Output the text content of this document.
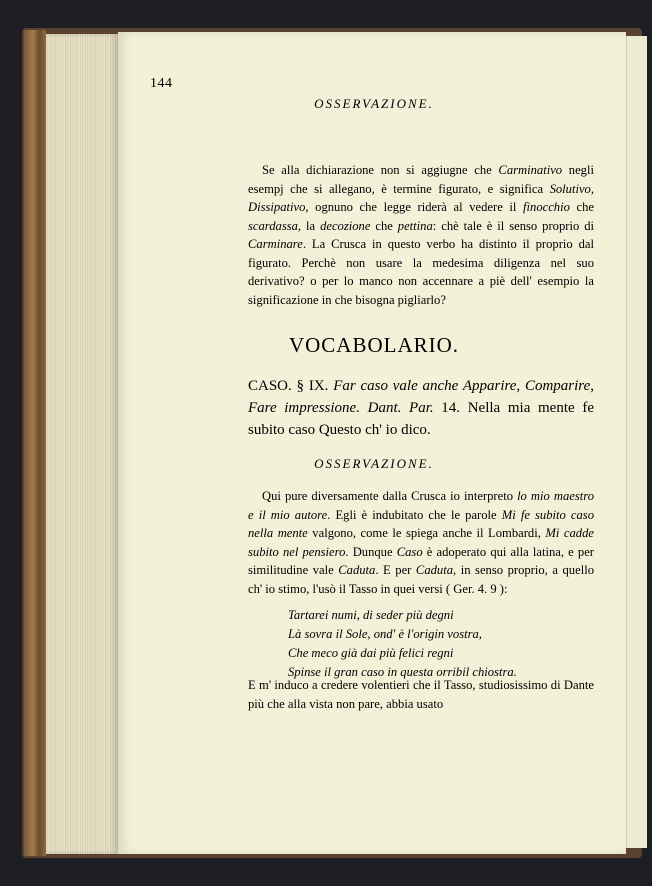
144
OSSERVAZIONE.

Se alla dichiarazione non si aggiugne che Carminativo negli esempj che si allegano, è termine figurato, e significa Solutivo, Dissipativo, ognuno che legge riderà al vedere il finocchio che scardassa, la decozione che pettina: chè tale è il senso proprio di Carminare. La Crusca in questo verbo ha distinto il proprio dal figurato. Perchè non usare la medesima diligenza nel suo derivativo? o per lo manco non accennare a piè dell' esempio la significazione in che bisogna pigliarlo?

VOCABOLARIO.
CASO. § IX. Far caso vale anche Apparire, Comparire, Fare impressione. Dant. Par. 14. Nella mia mente fe subito caso Questo ch' io dico.
OSSERVAZIONE.

Qui pure diversamente dalla Crusca io interpreto lo mio maestro e il mio autore. Egli è indubitato che le parole Mi fe subito caso nella mente valgono, come le spiega anche il Lombardi, Mi cadde subito nel pensiero. Dunque Caso è adoperato qui alla latina, e per similitudine vale Caduta. E per Caduta, in senso proprio, a quello ch' io stimo, l'usò il Tasso in quei versi ( Ger. 4. 9 ):

Tartarei numi, di seder più degni
Là sovra il Sole, ond' è l'origin vostra,
Che meco già dai più felici regni
Spinse il gran caso in questa orribil chiostra.

E m' induco a credere volentieri che il Tasso, studiosissimo di Dante più che alla vista non pare, abbia usato
